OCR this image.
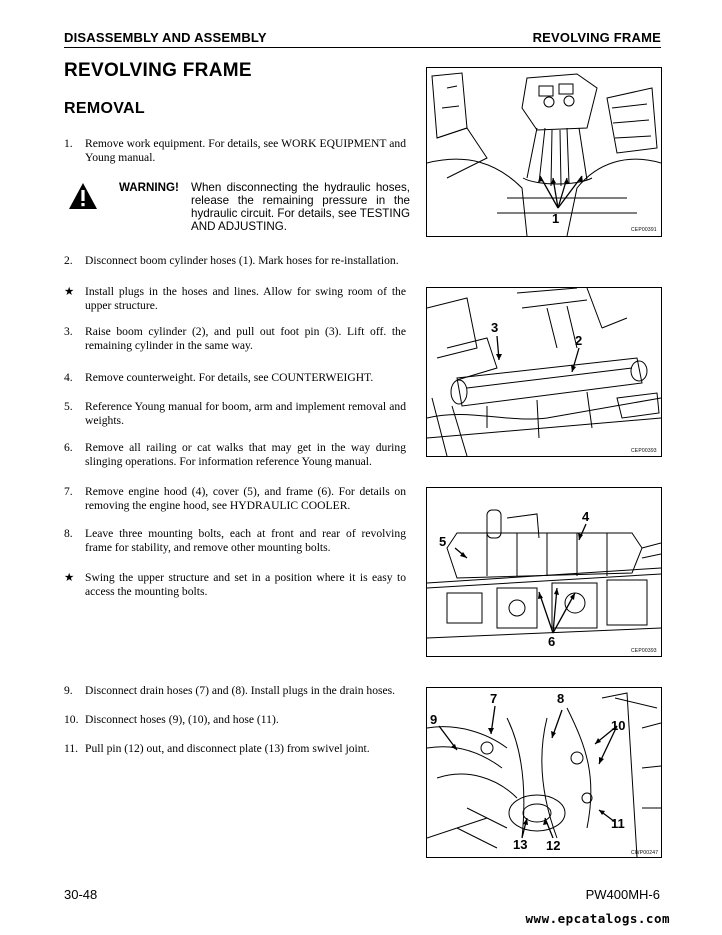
DISASSEMBLY AND ASSEMBLY	REVOLVING FRAME
REVOLVING FRAME
REMOVAL
1.	Remove work equipment. For details, see WORK EQUIPMENT and Young manual.
WARNING! When disconnecting the hydraulic hoses, release the remaining pressure in the hydraulic circuit. For details, see TESTING AND ADJUSTING.
2.	Disconnect boom cylinder hoses (1). Mark hoses for re-installation.
★ Install plugs in the hoses and lines. Allow for swing room of the upper structure.
3.	Raise boom cylinder (2), and pull out foot pin (3). Lift off. the remaining cylinder in the same way.
4.	Remove counterweight. For details, see COUNTERWEIGHT.
5.	Reference Young manual for boom, arm and implement removal and weights.
6.	Remove all railing or cat walks that may get in the way during slinging operations. For information reference Young manual.
7.	Remove engine hood (4), cover (5), and frame (6). For details on removing the engine hood, see HYDRAULIC COOLER.
8.	Leave three mounting bolts, each at front and rear of revolving frame for stability, and remove other mounting bolts.
★ Swing the upper structure and set in a position where it is easy to access the mounting bolts.
9.	Disconnect drain hoses (7) and (8). Install plugs in the drain hoses.
10. Disconnect hoses (9), (10), and hose (11).
11. Pull pin (12) out, and disconnect plate (13) from swivel joint.
1
CEP00391
3
2
CEP00393
4
5
6
CEP00393
7	8
9	10
11
13 12	CWP00247
30-48	PW400MH-6
www.epcatalogs.com
